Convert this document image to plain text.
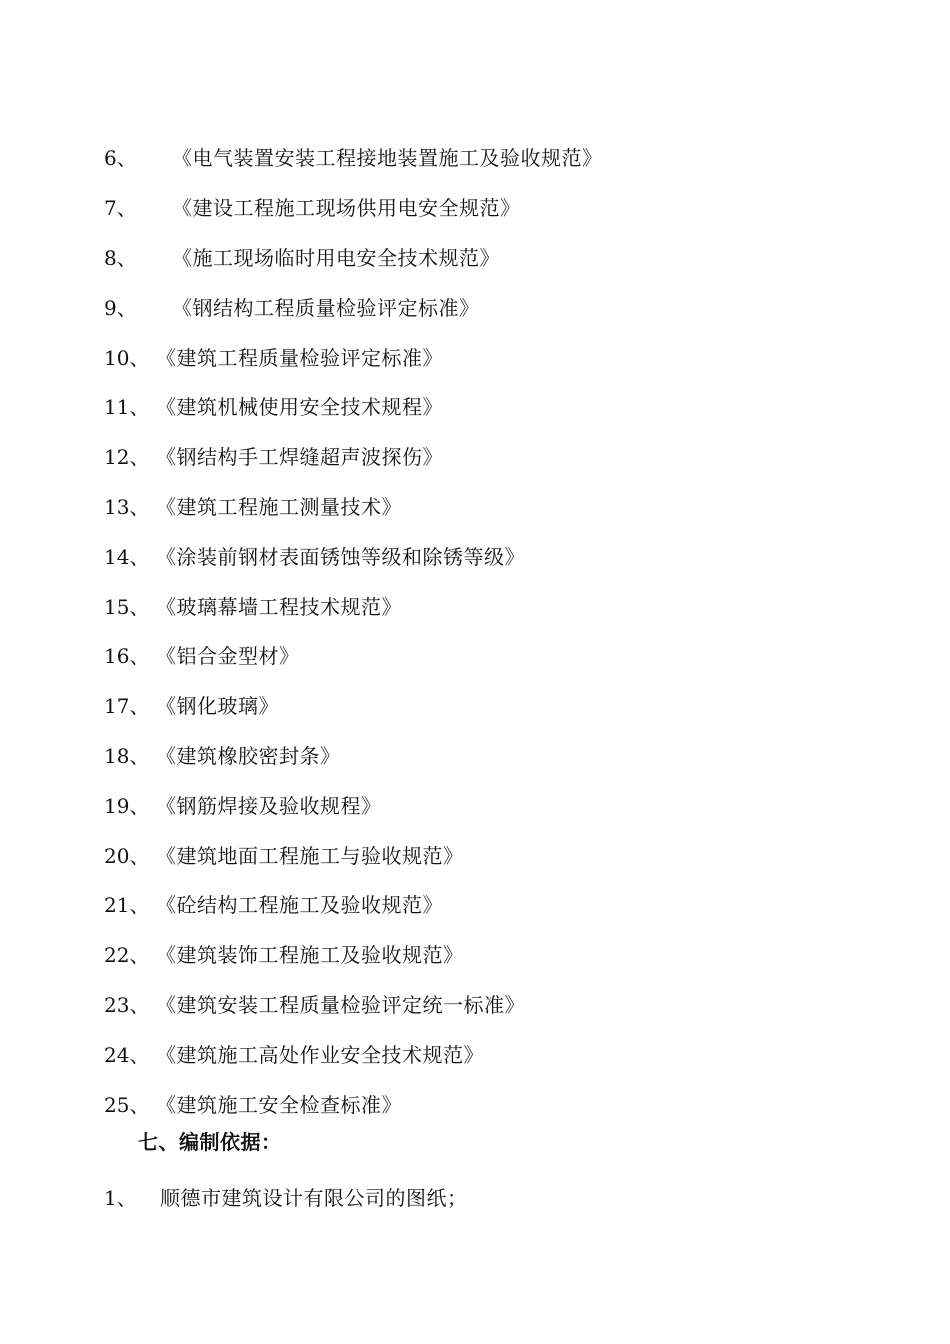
6、	《电气装置安装工程接地装置施工及验收规范》
7、	《建设工程施工现场供用电安全规范》
8、	《施工现场临时用电安全技术规范》
9、	《钢结构工程质量检验评定标准》
10、 《建筑工程质量检验评定标准》
11、 《建筑机械使用安全技术规程》
12、 《钢结构手工焊缝超声波探伤》
13、 《建筑工程施工测量技术》
14、 《涂装前钢材表面锈蚀等级和除锈等级》
15、 《玻璃幕墙工程技术规范》
16、 《铝合金型材》
17、 《钢化玻璃》
18、 《建筑橡胶密封条》
19、 《钢筋焊接及验收规程》
20、 《建筑地面工程施工与验收规范》
21、 《砼结构工程施工及验收规范》
22、 《建筑装饰工程施工及验收规范》
23、 《建筑安装工程质量检验评定统一标准》
24、 《建筑施工高处作业安全技术规范》
25、 《建筑施工安全检查标准》
七、编制依据：
1、	顺德市建筑设计有限公司的图纸；
